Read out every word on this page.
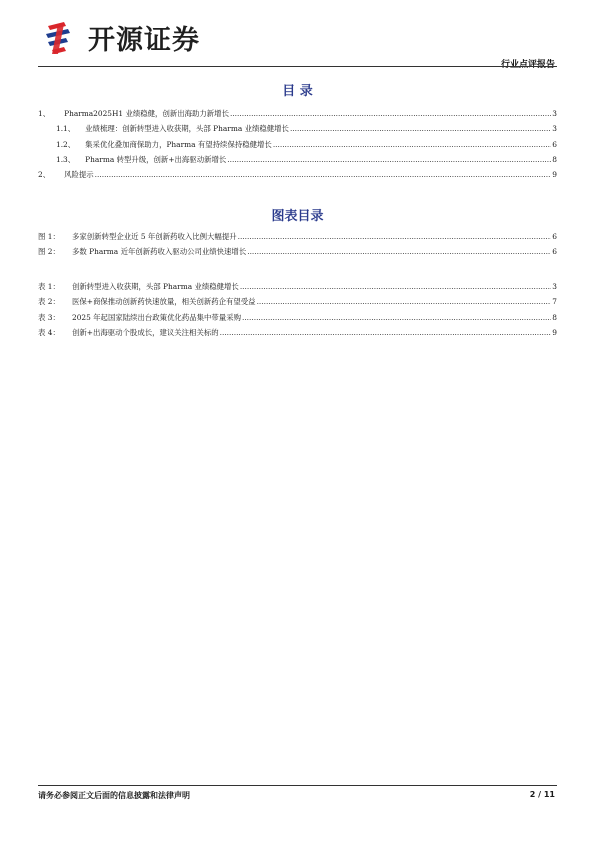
开源证券
行业点评报告
目 录
1、 Pharma2025H1 业绩稳健，创新出海助力新增长 .....	3
1.1、 业绩梳理：创新转型进入收获期，头部 Pharma 业绩稳健增长 .....	3
1.2、 集采优化叠加商保助力，Pharma 有望持续保持稳健增长 .....	6
1.3、 Pharma 转型升级，创新+出海驱动新增长 .....	8
2、 风险提示 .....	9
图表目录
图 1：	多家创新转型企业近 5 年创新药收入比例大幅提升 .....	6
图 2：	多数 Pharma 近年创新药收入驱动公司业绩快速增长 .....	6
表 1：	创新转型进入收获期，头部 Pharma 业绩稳健增长 .....	3
表 2：	医保+商保推动创新药快速放量，相关创新药企有望受益 .....	7
表 3：	2025 年起国家陆续出台政策优化药品集中带量采购 .....	8
表 4：	创新+出海驱动个股成长，建议关注相关标的 .....	9
请务必参阅正文后面的信息披露和法律声明	2 / 11
